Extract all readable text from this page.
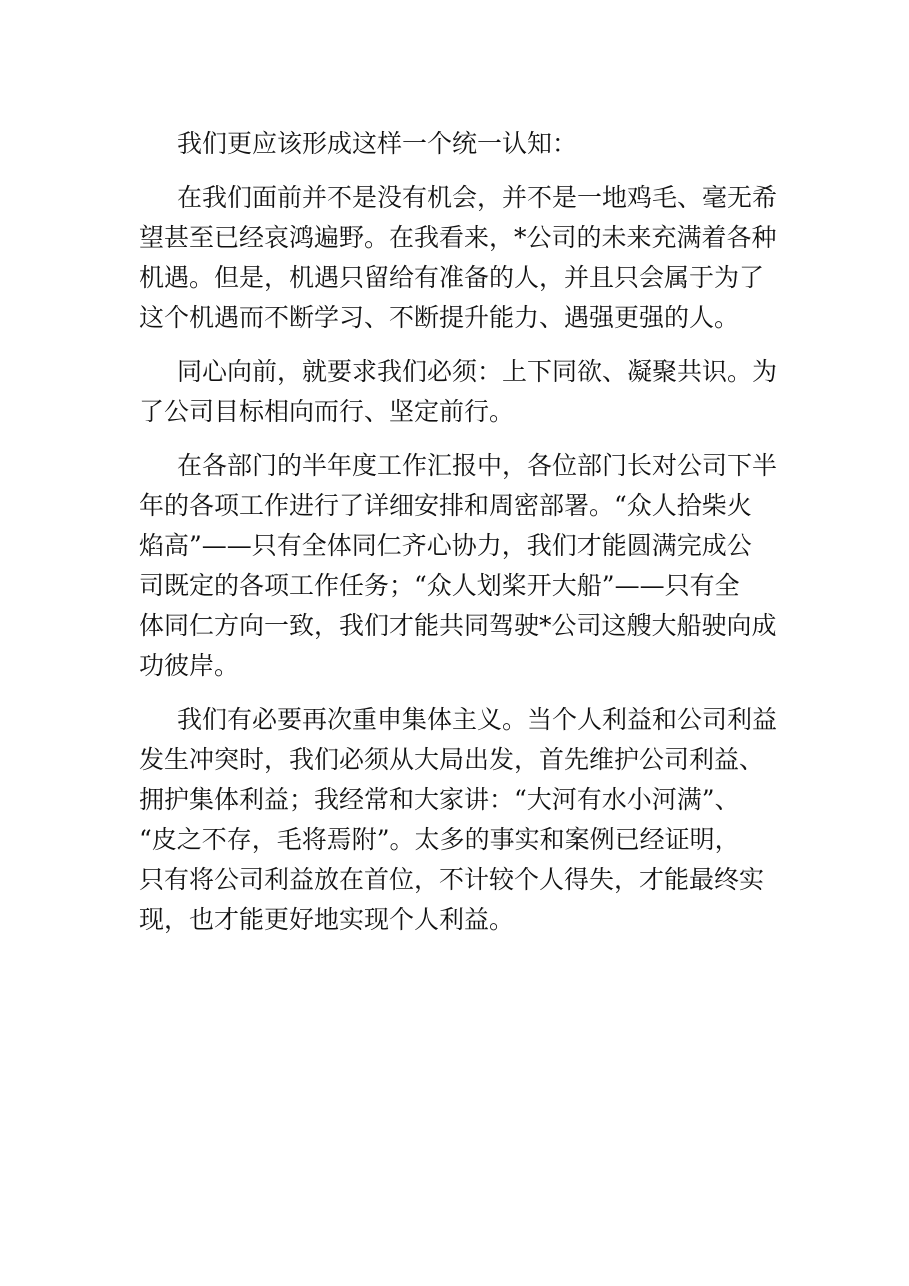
我们更应该形成这样一个统一认知：

在我们面前并不是没有机会，并不是一地鸡毛、毫无希
望甚至已经哀鸿遍野。在我看来，*公司的未来充满着各种
机遇。但是，机遇只留给有准备的人，并且只会属于为了
这个机遇而不断学习、不断提升能力、遇强更强的人。

同心向前，就要求我们必须：上下同欲、凝聚共识。为
了公司目标相向而行、坚定前行。

在各部门的半年度工作汇报中，各位部门长对公司下半
年的各项工作进行了详细安排和周密部署。“众人拾柴火
焰高”——只有全体同仁齐心协力，我们才能圆满完成公
司既定的各项工作任务；“众人划桨开大船”——只有全
体同仁方向一致，我们才能共同驾驶*公司这艘大船驶向成
功彼岸。

我们有必要再次重申集体主义。当个人利益和公司利益
发生冲突时，我们必须从大局出发，首先维护公司利益、
拥护集体利益；我经常和大家讲：“大河有水小河满”、
“皮之不存，毛将焉附”。太多的事实和案例已经证明，
只有将公司利益放在首位，不计较个人得失，才能最终实
现，也才能更好地实现个人利益。
